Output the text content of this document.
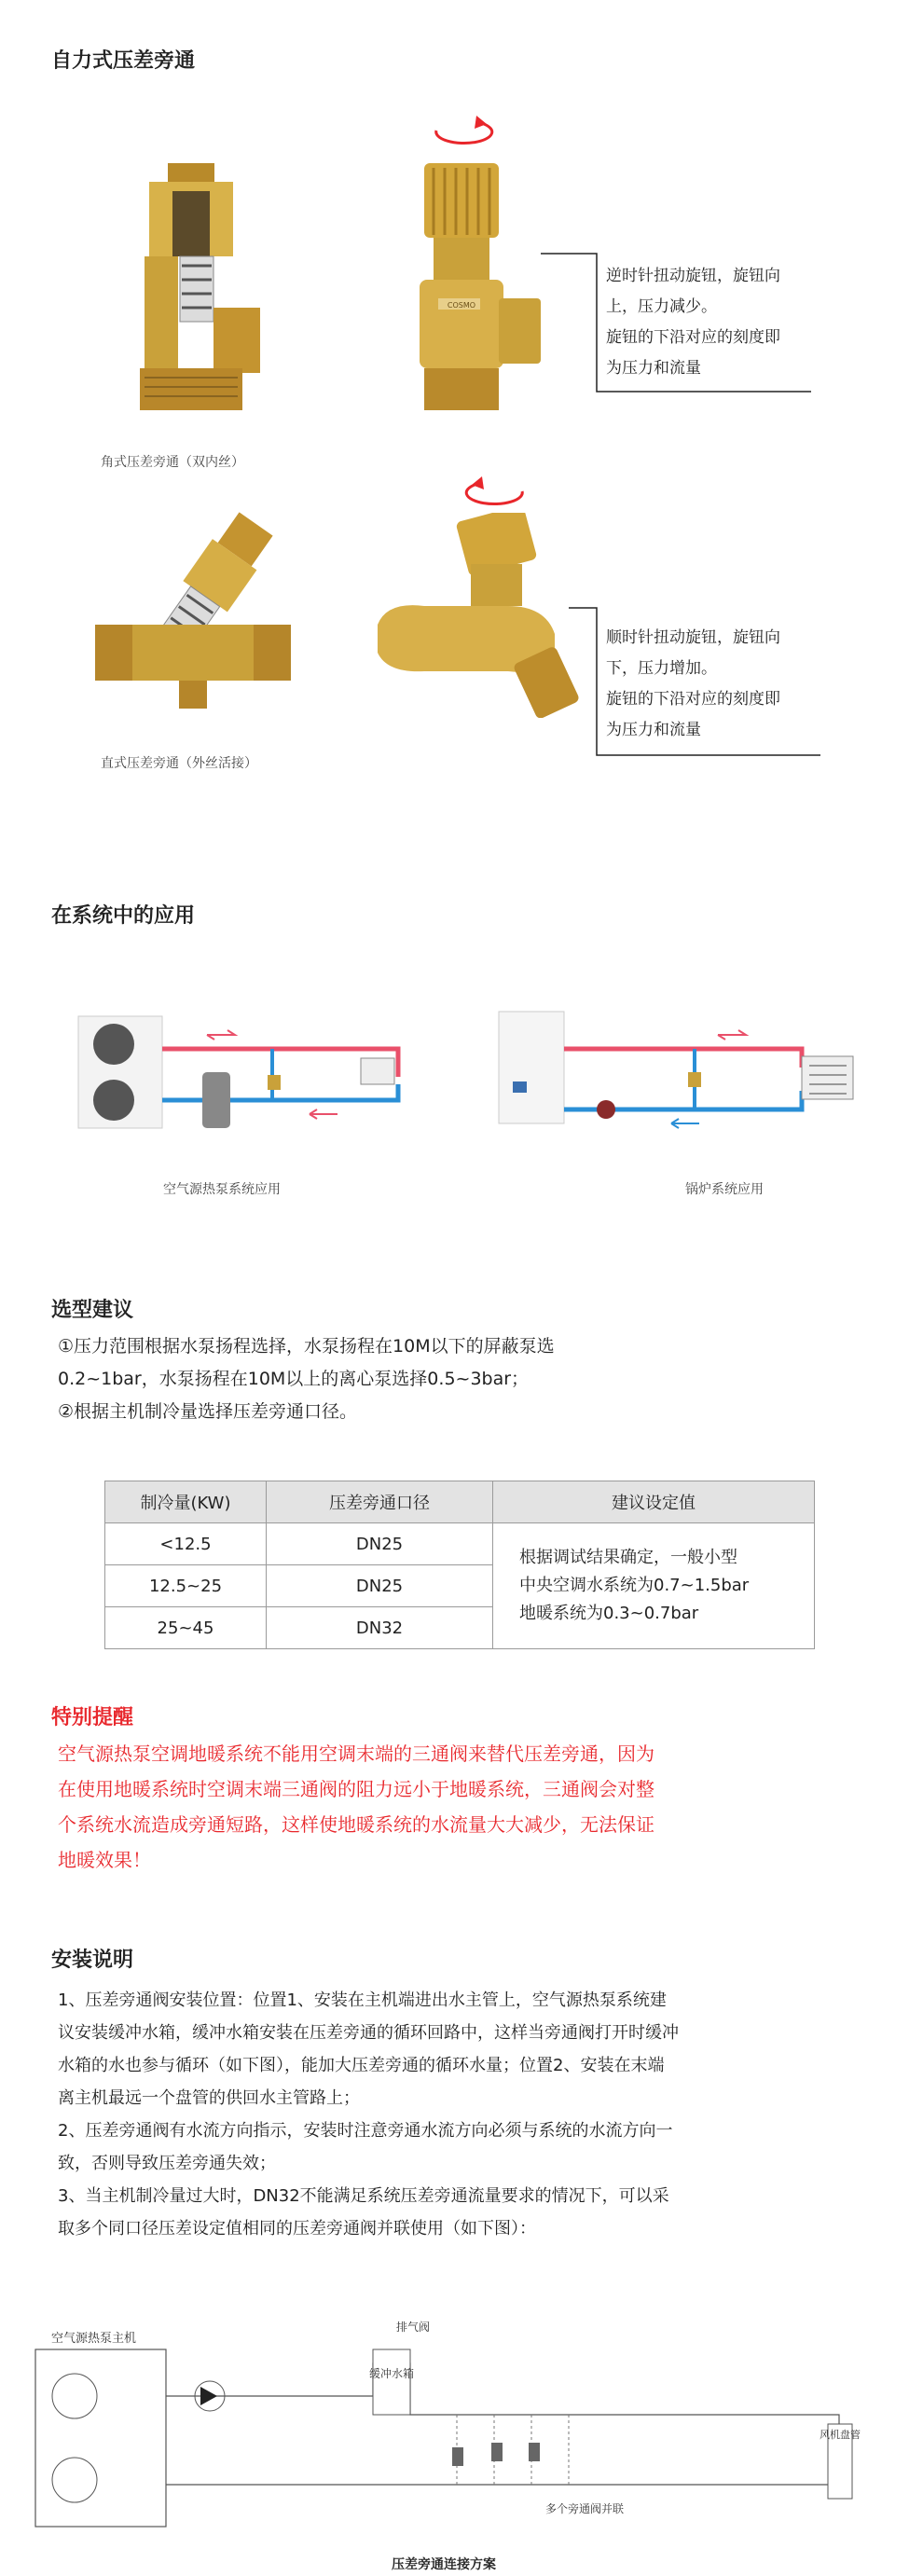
自力式压差旁通
角式压差旁通（双内丝）
COSMO
逆时针扭动旋钮，旋钮向
上，压力减少。
旋钮的下沿对应的刻度即
为压力和流量
直式压差旁通（外丝活接）
顺时针扭动旋钮，旋钮向
下，压力增加。
旋钮的下沿对应的刻度即
为压力和流量
在系统中的应用
空气源热泵系统应用	锅炉系统应用
选型建议
①压力范围根据水泵扬程选择，水泵扬程在10M以下的屏蔽泵选
0.2~1bar，水泵扬程在10M以上的离心泵选择0.5~3bar；
②根据主机制冷量选择压差旁通口径。
制冷量(KW)	压差旁通口径	建议设定值
<12.5	DN25	根据调试结果确定，一般小型
中央空调水系统为0.7~1.5bar
地暖系统为0.3~0.7bar

12.5~25	DN25	
25~45	DN32	
特别提醒
空气源热泵空调地暖系统不能用空调末端的三通阀来替代压差旁通，因为
在使用地暖系统时空调末端三通阀的阻力远小于地暖系统，三通阀会对整
个系统水流造成旁通短路，这样使地暖系统的水流量大大减少，无法保证
地暖效果！
安装说明

1、压差旁通阀安装位置：位置1、安装在主机端进出水主管上，空气源热泵系统建

议安装缓冲水箱，缓冲水箱安装在压差旁通的循环回路中，这样当旁通阀打开时缓冲

水箱的水也参与循环（如下图），能加大压差旁通的循环水量；位置2、安装在末端

离主机最远一个盘管的供回水主管路上；

2、压差旁通阀有水流方向指示，安装时注意旁通水流方向必须与系统的水流方向一

致，否则导致压差旁通失效；

3、当主机制冷量过大时，DN32不能满足系统压差旁通流量要求的情况下，可以采

取多个同口径压差设定值相同的压差旁通阀并联使用（如下图）：

空气源热泵主机
缓冲水箱
排气阀
多个旁通阀并联
风机盘管
压差旁通连接方案
